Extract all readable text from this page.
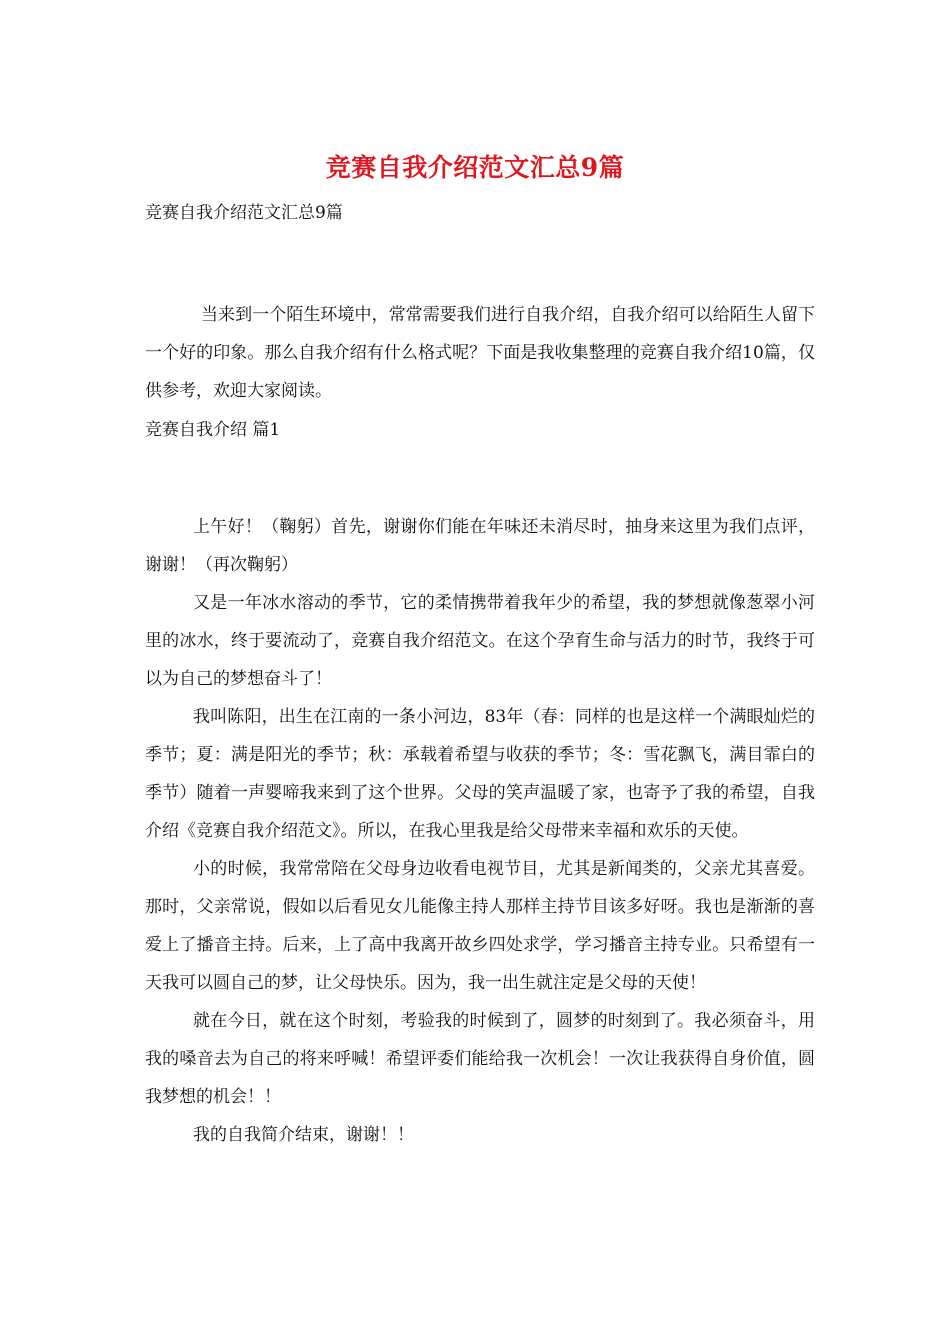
竞赛自我介绍范文汇总9篇
竞赛自我介绍范文汇总9篇
当来到一个陌生环境中，常常需要我们进行自我介绍，自我介绍可以给陌生人留下一个好的印象。那么自我介绍有什么格式呢？下面是我收集整理的竞赛自我介绍10篇，仅供参考，欢迎大家阅读。
竞赛自我介绍 篇1

上午好！（鞠躬）首先，谢谢你们能在年味还未消尽时，抽身来这里为我们点评，谢谢！（再次鞠躬）

又是一年冰水溶动的季节，它的柔情携带着我年少的希望，我的梦想就像葱翠小河里的冰水，终于要流动了，竞赛自我介绍范文。在这个孕育生命与活力的时节，我终于可以为自己的梦想奋斗了！

我叫陈阳，出生在江南的一条小河边，83年（春：同样的也是这样一个满眼灿烂的季节；夏：满是阳光的季节；秋：承载着希望与收获的季节；冬：雪花飘飞，满目霏白的季节）随着一声婴啼我来到了这个世界。父母的笑声温暖了家，也寄予了我的希望，自我介绍《竞赛自我介绍范文》。所以，在我心里我是给父母带来幸福和欢乐的天使。

小的时候，我常常陪在父母身边收看电视节目，尤其是新闻类的，父亲尤其喜爱。那时，父亲常说，假如以后看见女儿能像主持人那样主持节目该多好呀。我也是渐渐的喜爱上了播音主持。后来，上了高中我离开故乡四处求学，学习播音主持专业。只希望有一天我可以圆自己的梦，让父母快乐。因为，我一出生就注定是父母的天使！

就在今日，就在这个时刻，考验我的时候到了，圆梦的时刻到了。我必须奋斗，用我的嗓音去为自己的将来呼喊！希望评委们能给我一次机会！一次让我获得自身价值，圆我梦想的机会！！

我的自我简介结束，谢谢！！
